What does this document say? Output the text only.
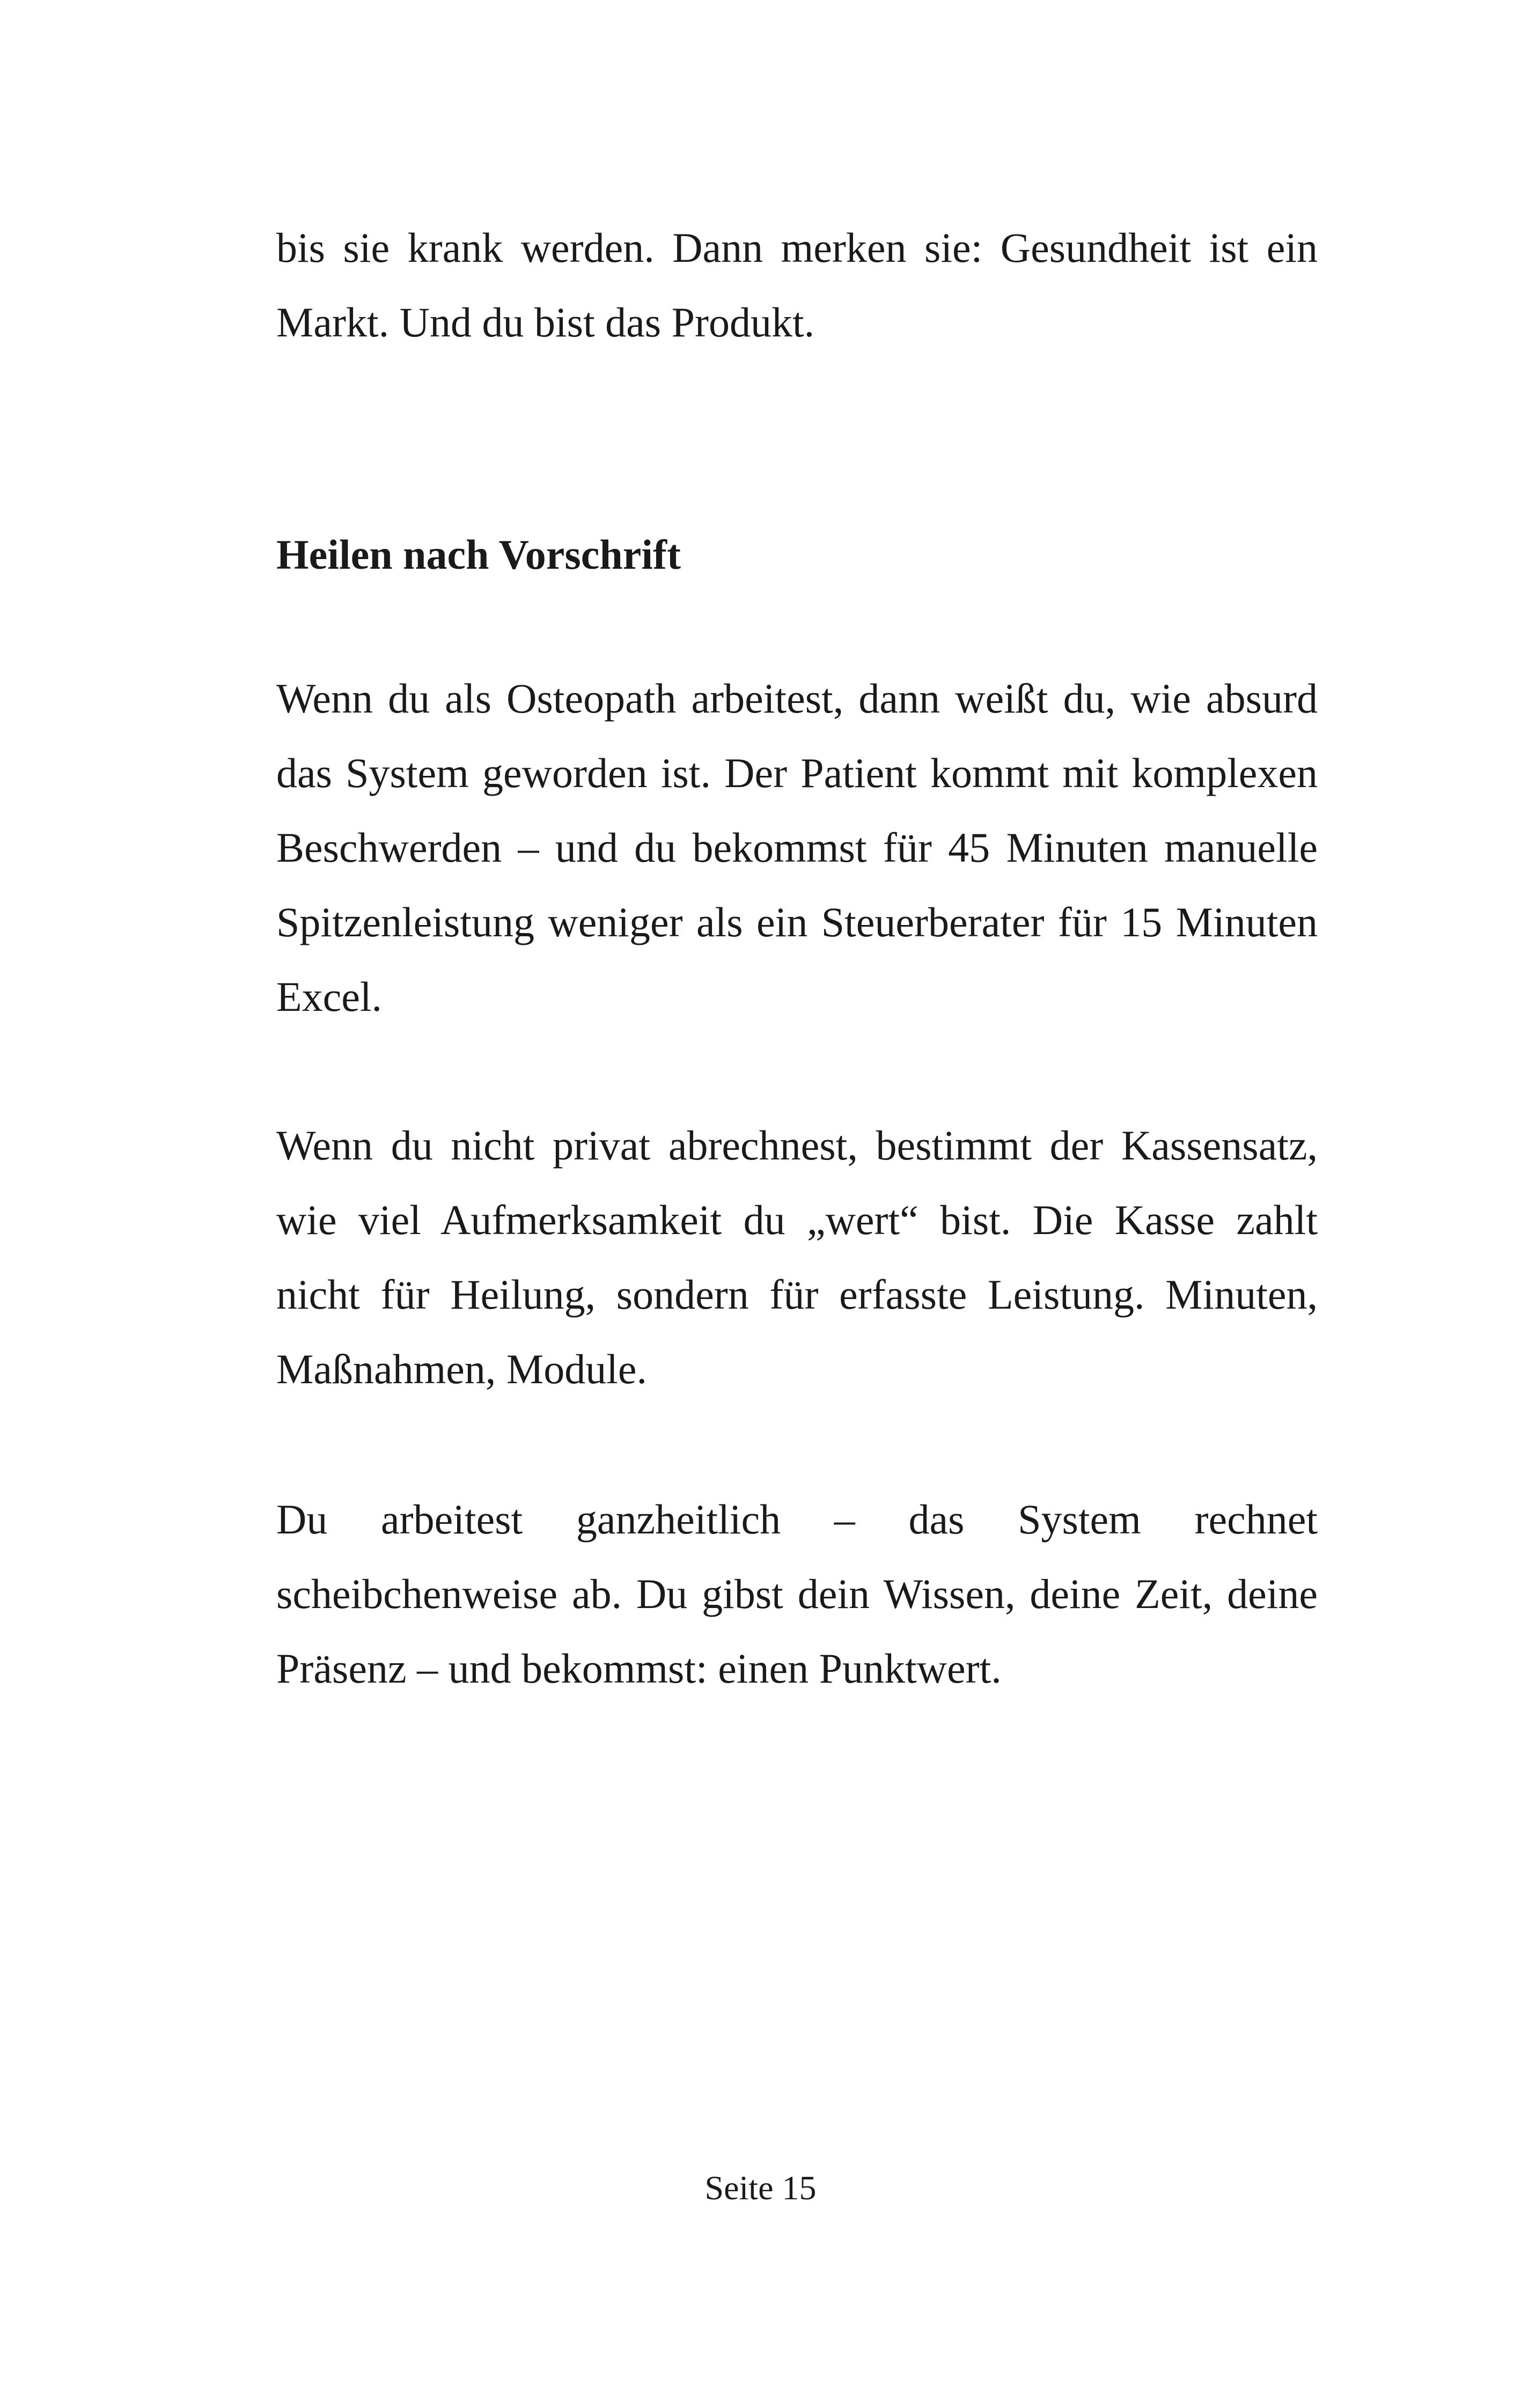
bis sie krank werden. Dann merken sie: Gesundheit ist ein Markt. Und du bist das Produkt.

Heilen nach Vorschrift

Wenn du als Osteopath arbeitest, dann weißt du, wie absurd das System geworden ist. Der Patient kommt mit komplexen Beschwerden – und du bekommst für 45 Minuten manuelle Spitzenleistung weniger als ein Steuerberater für 15 Minuten Excel.

Wenn du nicht privat abrechnest, bestimmt der Kassensatz, wie viel Aufmerksamkeit du „wert“ bist. Die Kasse zahlt nicht für Heilung, sondern für erfasste Leistung. Minuten, Maßnahmen, Module.

Du arbeitest ganzheitlich – das System rechnet scheibchenweise ab. Du gibst dein Wissen, deine Zeit, deine Präsenz – und bekommst: einen Punktwert.

Seite 15
